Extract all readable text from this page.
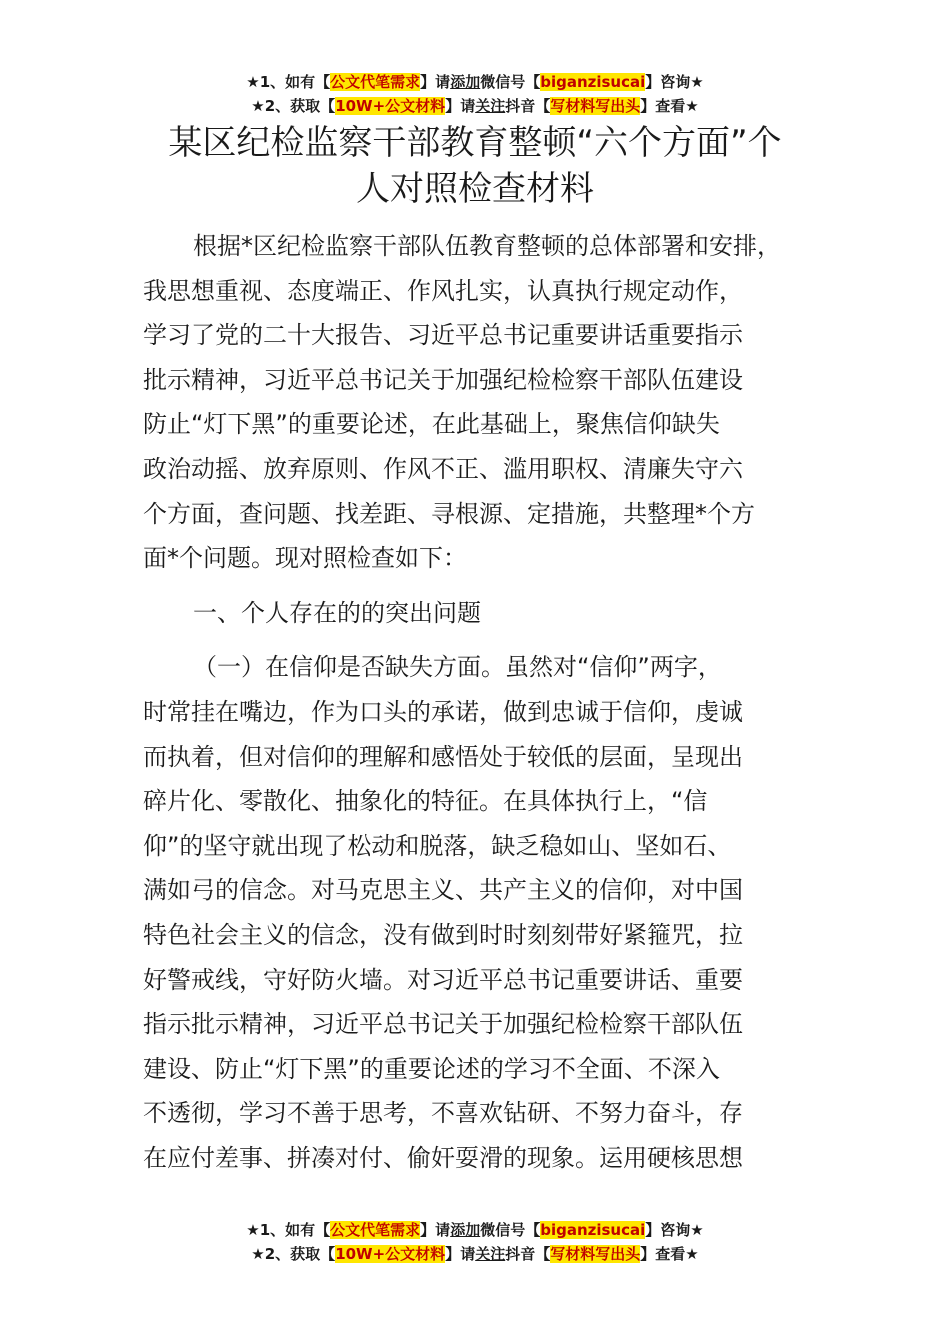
★1、如有【公文代笔需求】请添加微信号【biganzisucai】咨询★
★2、获取【10W+公文材料】请关注抖音【写材料写出头】查看★
某区纪检监察干部教育整顿“六个方面”个
人对照检查材料
根据*区纪检监察干部队伍教育整顿的总体部署和安排，
我思想重视、态度端正、作风扎实，认真执行规定动作，
学习了党的二十大报告、习近平总书记重要讲话重要指示
批示精神，习近平总书记关于加强纪检检察干部队伍建设
防止“灯下黑”的重要论述，在此基础上，聚焦信仰缺失
政治动摇、放弃原则、作风不正、滥用职权、清廉失守六
个方面，查问题、找差距、寻根源、定措施，共整理*个方
面*个问题。现对照检查如下：
一、个人存在的的突出问题
（一）在信仰是否缺失方面。虽然对“信仰”两字，
时常挂在嘴边，作为口头的承诺，做到忠诚于信仰，虔诚
而执着，但对信仰的理解和感悟处于较低的层面，呈现出
碎片化、零散化、抽象化的特征。在具体执行上，“信
仰”的坚守就出现了松动和脱落，缺乏稳如山、坚如石、
满如弓的信念。对马克思主义、共产主义的信仰，对中国
特色社会主义的信念，没有做到时时刻刻带好紧箍咒，拉
好警戒线，守好防火墙。对习近平总书记重要讲话、重要
指示批示精神，习近平总书记关于加强纪检检察干部队伍
建设、防止“灯下黑”的重要论述的学习不全面、不深入
不透彻，学习不善于思考，不喜欢钻研、不努力奋斗，存
在应付差事、拼凑对付、偷奸耍滑的现象。运用硬核思想
★1、如有【公文代笔需求】请添加微信号【biganzisucai】咨询★
★2、获取【10W+公文材料】请关注抖音【写材料写出头】查看★
